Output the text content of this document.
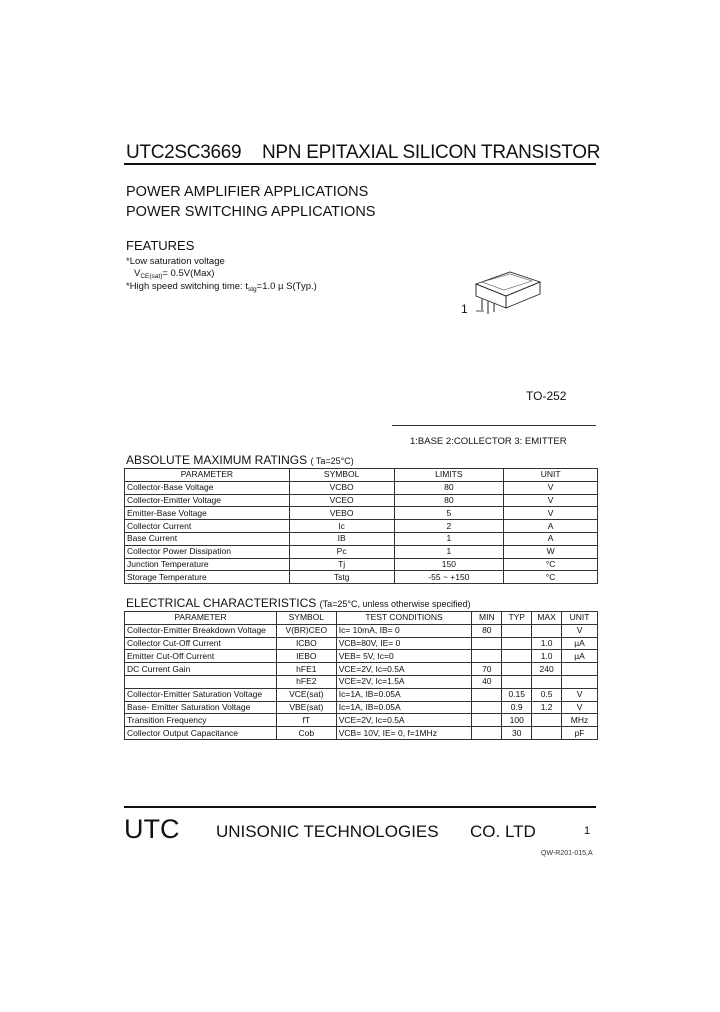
UTC2SC3669 NPN EPITAXIAL SILICON TRANSISTOR
POWER AMPLIFIER APPLICATIONS
POWER SWITCHING APPLICATIONS
FEATURES
*Low saturation voltage
$V_{CE(sat)}= 0.5V(Max)$
*High speed switching time: $t_{stg}=1.0$ µ S(Typ.)
1
TO-252
1:BASE 2:COLLECTOR 3: EMITTER
ABSOLUTE MAXIMUM RATINGS ( Ta=25°C)
PARAMETER	SYMBOL	LIMITS	UNIT
Collector-Base Voltage	VCBO	80	V
Collector-Emitter Voltage	VCEO	80	V
Emitter-Base Voltage	VEBO	5	V
Collector Current	Ic	2	A
Base Current	IB	1	A
Collector Power Dissipation	Pc	1	W
Junction Temperature	Tj	150	°C
Storage Temperature	Tstg	-55 ~ +150	°C
ELECTRICAL CHARACTERISTICS (Ta=25°C, unless otherwise specified)
PARAMETER	SYMBOL	TEST CONDITIONS	MIN	TYP	MAX	UNIT
Collector-Emitter Breakdown Voltage	V(BR)CEO	Ic= 10mA, IB= 0	80			V
Collector Cut-Off Current	ICBO	VCB=80V, IE= 0			1.0	µA
Emitter Cut-Off Current	IEBO	VEB= 5V, Ic=0			1.0	µA
DC Current Gain	hFE1	VCE=2V, Ic=0.5A	70		240	
	hFE2	VCE=2V, Ic=1.5A	40			
Collector-Emitter Saturation Voltage	VCE(sat)	Ic=1A, IB=0.05A		0.15	0.5	V
Base- Emitter Saturation Voltage	VBE(sat)	Ic=1A, IB=0.05A		0.9	1.2	V
Transition Frequency	fT	VCE=2V, Ic=0.5A		100		MHz
Collector Output Capacitance	Cob	VCB= 10V, IE= 0, f=1MHz		30		pF
UTC UNISONIC TECHNOLOGIES CO. LTD	1
QW-R201-015,A
